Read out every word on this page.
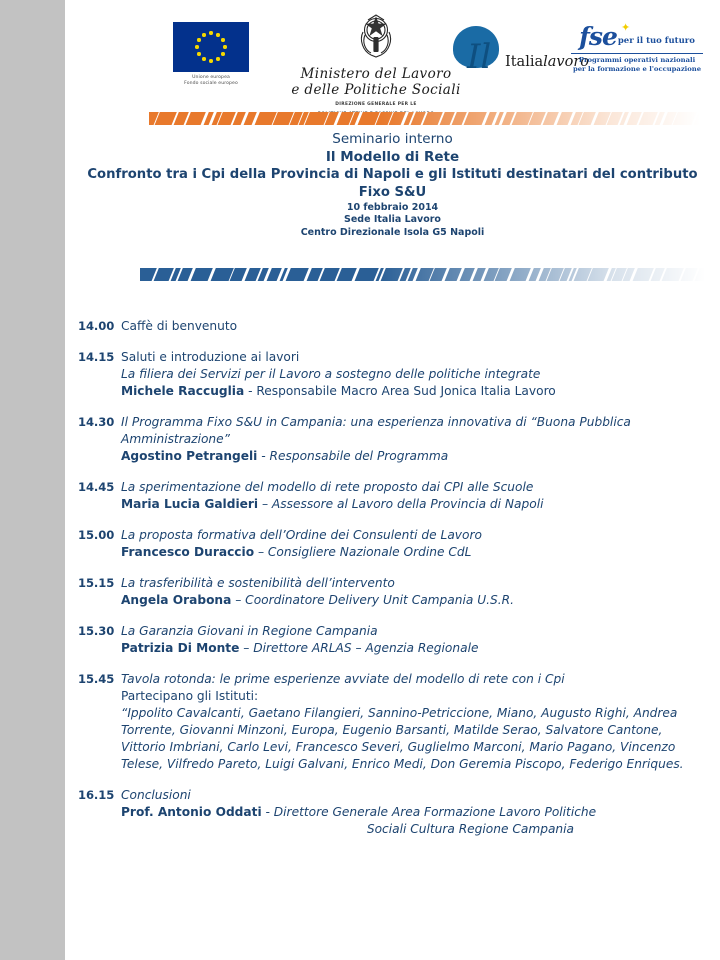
Unione europea
Fondo sociale europeo
Ministero del Lavoro
e delle Politiche Sociali
DIREZIONE GENERALE PER LE
Il Italialavoro
✦
fseper il tuo futuro
Programmi operativi nazionali
per la formazione e l'occupazione
Seminario interno
Il Modello di Rete
Confronto tra i Cpi della Provincia di Napoli e gli Istituti destinatari del contributo
Fixo S&U
10 febbraio 2014
Sede Italia Lavoro
Centro Direzionale Isola G5 Napoli
14.00 Caffè di benvenuto
14.15 Saluti e introduzione ai lavori
La filiera dei Servizi per il Lavoro a sostegno delle politiche integrate
Michele Raccuglia - Responsabile Macro Area Sud Jonica Italia Lavoro
14.30 Il Programma Fixo S&U in Campania: una esperienza innovativa di “Buona Pubblica Amministrazione”
Agostino Petrangeli - Responsabile del Programma
14.45 La sperimentazione del modello di rete proposto dai CPI alle Scuole
Maria Lucia Galdieri – Assessore al Lavoro della Provincia di Napoli
15.00 La proposta formativa dell’Ordine dei Consulenti de Lavoro
Francesco Duraccio – Consigliere Nazionale Ordine CdL
15.15 La trasferibilità e sostenibilità dell’intervento
Angela Orabona – Coordinatore Delivery Unit Campania U.S.R.
15.30 La Garanzia Giovani in Regione Campania
Patrizia Di Monte – Direttore ARLAS – Agenzia Regionale
15.45 Tavola rotonda: le prime esperienze avviate del modello di rete con i Cpi
Partecipano gli Istituti:
“Ippolito Cavalcanti, Gaetano Filangieri, Sannino-Petriccione, Miano, Augusto Righi, Andrea Torrente, Giovanni Minzoni, Europa, Eugenio Barsanti, Matilde Serao, Salvatore Cantone, Vittorio Imbriani, Carlo Levi, Francesco Severi, Guglielmo Marconi, Mario Pagano, Vincenzo Telese, Vilfredo Pareto, Luigi Galvani, Enrico Medi, Don Geremia Piscopo, Federigo Enriques.
16.15 Conclusioni
Prof. Antonio Oddati - Direttore Generale Area Formazione Lavoro Politiche
Sociali Cultura Regione Campania
